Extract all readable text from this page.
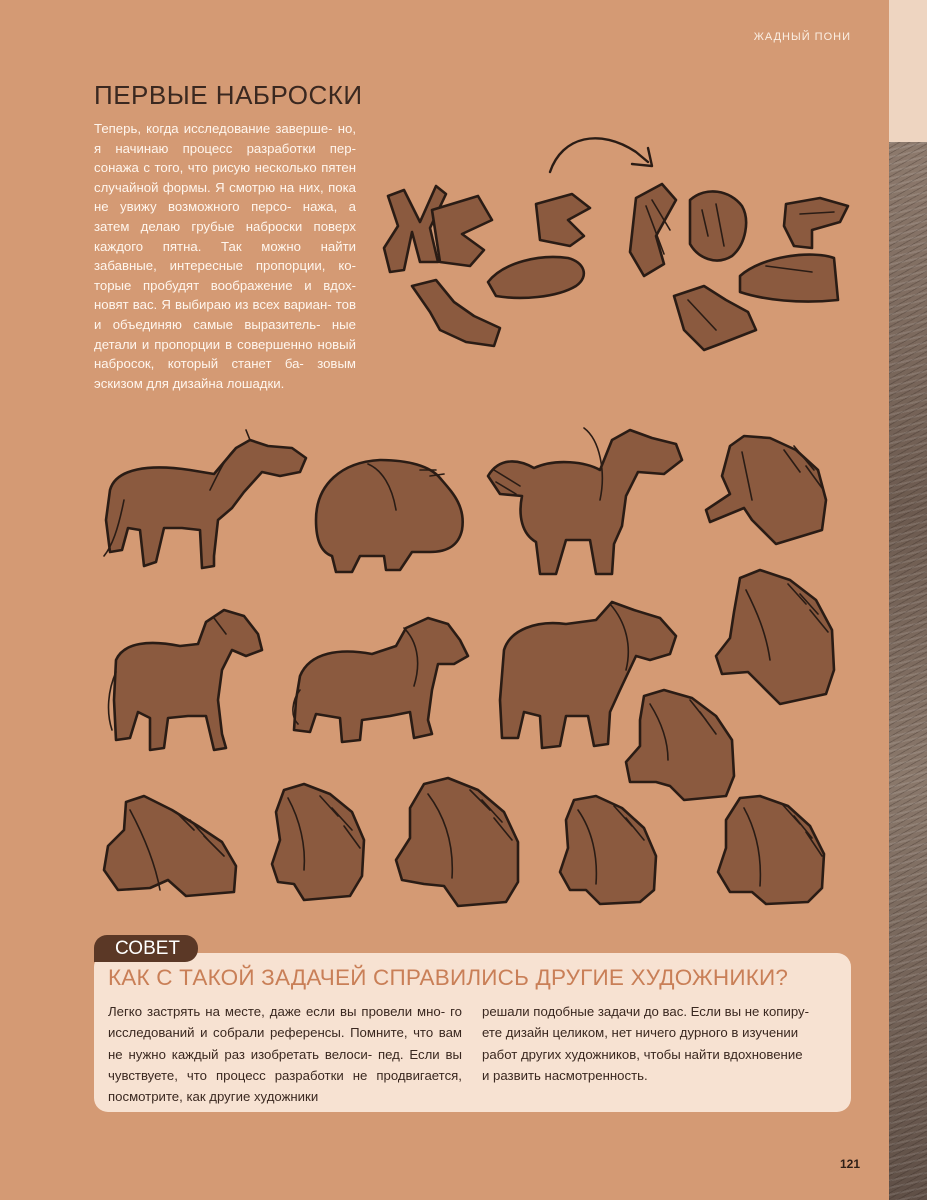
ЖАДНЫЙ ПОНИ
ПЕРВЫЕ НАБРОСКИ

Теперь, когда исследование заверше- но, я начинаю процесс разработки пер- сонажа с того, что рисую несколько пятен случайной формы. Я смотрю на них, пока не увижу возможного персо- нажа, а затем делаю грубые наброски поверх каждого пятна. Так можно найти забавные, интересные пропорции, ко- торые пробудят воображение и вдох- новят вас. Я выбираю из всех вариан- тов и объединяю самые выразитель- ные детали и пропорции в совершенно новый набросок, который станет ба- зовым эскизом для дизайна лошадки.

СОВЕТ
КАК С ТАКОЙ ЗАДАЧЕЙ СПРАВИЛИСЬ ДРУГИЕ ХУДОЖНИКИ?

Легко застрять на месте, даже если вы провели мно- го исследований и собрали референсы. Помните, что вам не нужно каждый раз изобретать велоси- пед. Если вы чувствуете, что процесс разработки не продвигается, посмотрите, как другие художники

решали подобные задачи до вас. Если вы не копиру-
ете дизайн целиком, нет ничего дурного в изучении
работ других художников, чтобы найти вдохновение
и развить насмотренность.

121
